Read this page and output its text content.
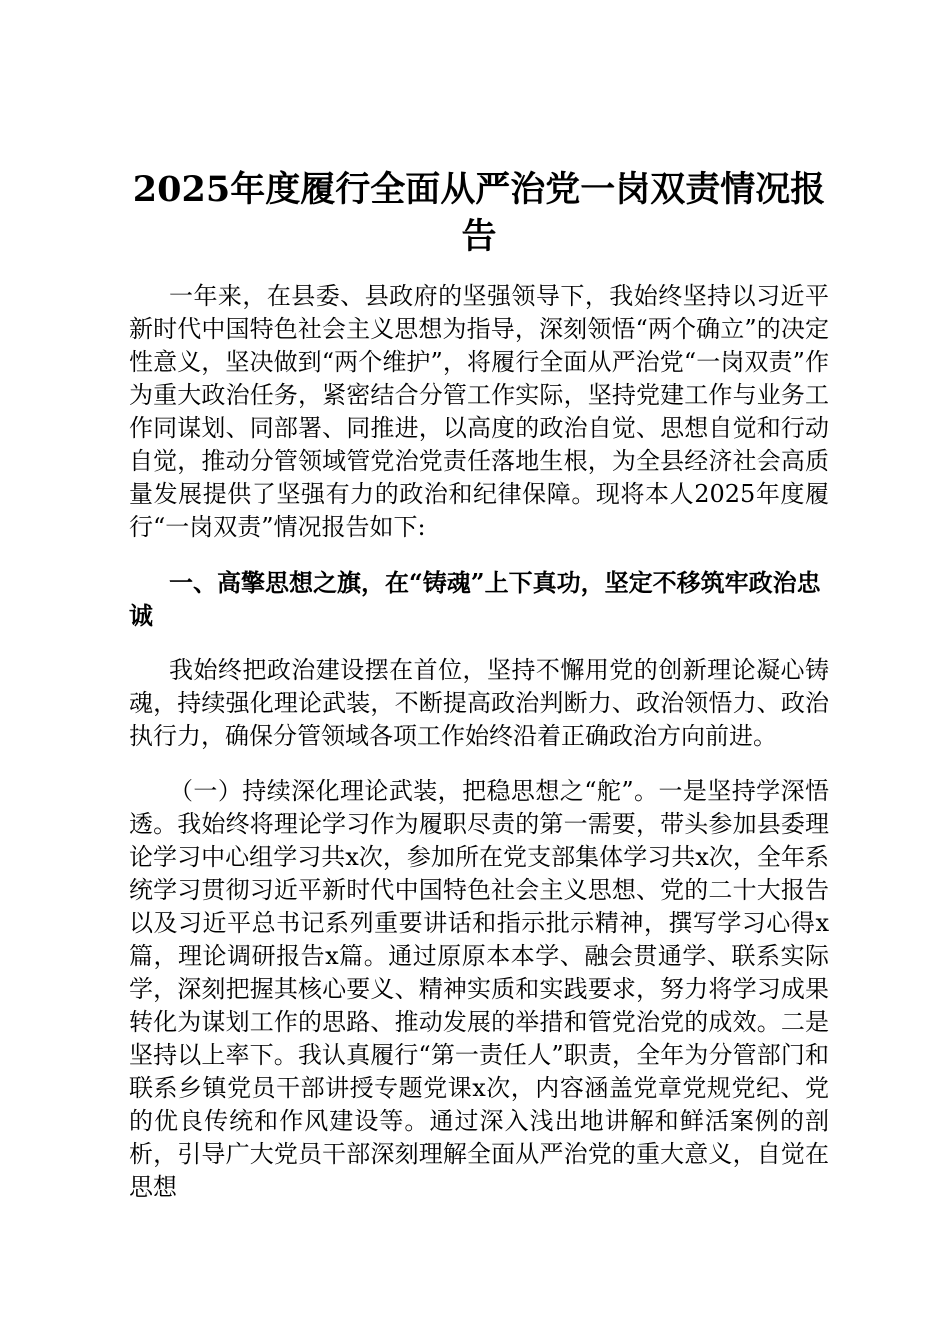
2025年度履行全面从严治党一岗双责情况报告

一年来，在县委、县政府的坚强领导下，我始终坚持以习近平新时代中国特色社会主义思想为指导，深刻领悟“两个确立”的决定性意义，坚决做到“两个维护”，将履行全面从严治党“一岗双责”作为重大政治任务，紧密结合分管工作实际，坚持党建工作与业务工作同谋划、同部署、同推进，以高度的政治自觉、思想自觉和行动自觉，推动分管领域管党治党责任落地生根，为全县经济社会高质量发展提供了坚强有力的政治和纪律保障。现将本人2025年度履行“一岗双责”情况报告如下:

一、高擎思想之旗，在“铸魂”上下真功，坚定不移筑牢政治忠诚

我始终把政治建设摆在首位，坚持不懈用党的创新理论凝心铸魂，持续强化理论武装，不断提高政治判断力、政治领悟力、政治执行力，确保分管领域各项工作始终沿着正确政治方向前进。

（一）持续深化理论武装，把稳思想之“舵”。一是坚持学深悟透。我始终将理论学习作为履职尽责的第一需要，带头参加县委理论学习中心组学习共x次，参加所在党支部集体学习共x次，全年系统学习贯彻习近平新时代中国特色社会主义思想、党的二十大报告以及习近平总书记系列重要讲话和指示批示精神，撰写学习心得x篇，理论调研报告x篇。通过原原本本学、融会贯通学、联系实际学，深刻把握其核心要义、精神实质和实践要求，努力将学习成果转化为谋划工作的思路、推动发展的举措和管党治党的成效。二是坚持以上率下。我认真履行“第一责任人”职责，全年为分管部门和联系乡镇党员干部讲授专题党课x次，内容涵盖党章党规党纪、党的优良传统和作风建设等。通过深入浅出地讲解和鲜活案例的剖析，引导广大党员干部深刻理解全面从严治党的重大意义，自觉在思想
